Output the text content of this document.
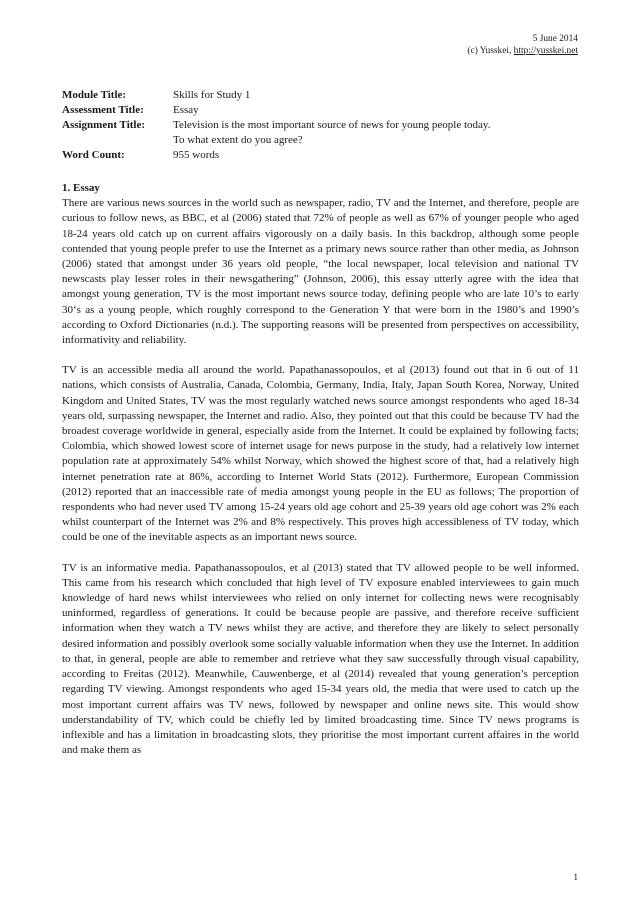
5 June 2014
(c) Yusskei, http://yusskei.net
Module Title:	Skills for Study 1
Assessment Title:	Essay
Assignment Title:	Television is the most important source of news for young people today.
To what extent do you agree?
Word Count:	955 words
1. Essay

There are various news sources in the world such as newspaper, radio, TV and the Internet, and therefore, people are curious to follow news, as BBC, et al (2006) stated that 72% of people as well as 67% of younger people who aged 18-24 years old catch up on current affairs vigorously on a daily basis. In this backdrop, although some people contended that young people prefer to use the Internet as a primary news source rather than other media, as Johnson (2006) stated that amongst under 36 years old people, “the local newspaper, local television and national TV newscasts play lesser roles in their newsgathering” (Johnson, 2006), this essay utterly agree with the idea that amongst young generation, TV is the most important news source today, defining people who are late 10’s to early 30‘s as a young people, which roughly correspond to the Generation Y that were born in the 1980’s and 1990’s according to Oxford Dictionaries (n.d.). The supporting reasons will be presented from perspectives on accessibility, informativity and reliability.

TV is an accessible media all around the world. Papathanassopoulos, et al (2013) found out that in 6 out of 11 nations, which consists of Australia, Canada, Colombia, Germany, India, Italy, Japan South Korea, Norway, United Kingdom and United States, TV was the most regularly watched news source amongst respondents who aged 18-34 years old, surpassing newspaper, the Internet and radio. Also, they pointed out that this could be because TV had the broadest coverage worldwide in general, especially aside from the Internet. It could be explained by following facts; Colombia, which showed lowest score of internet usage for news purpose in the study, had a relatively low internet population rate at approximately 54% whilst Norway, which showed the highest score of that, had a relatively high internet penetration rate at 86%, according to Internet World Stats (2012). Furthermore, European Commission (2012) reported that an inaccessible rate of media amongst young people in the EU as follows; The proportion of respondents who had never used TV among 15-24 years old age cohort and 25-39 years old age cohort was 2% each whilst counterpart of the Internet was 2% and 8% respectively. This proves high accessibleness of TV today, which could be one of the inevitable aspects as an important news source.

TV is an informative media. Papathanassopoulos, et al (2013) stated that TV allowed people to be well informed. This came from his research which concluded that high level of TV exposure enabled interviewees to gain much knowledge of hard news whilst interviewees who relied on only internet for collecting news were recognisably uninformed, regardless of generations. It could be because people are passive, and therefore receive sufficient information when they watch a TV news whilst they are active, and therefore they are likely to select personally desired information and possibly overlook some socially valuable information when they use the Internet. In addition to that, in general, people are able to remember and retrieve what they saw successfully through visual capability, according to Freitas (2012). Meanwhile, Cauwenberge, et al (2014) revealed that young generation’s perception regarding TV viewing. Amongst respondents who aged 15-34 years old, the media that were used to catch up the most important current affairs was TV news, followed by newspaper and online news site. This would show understandability of TV, which could be chiefly led by limited broadcasting time. Since TV news programs is inflexible and has a limitation in broadcasting slots, they prioritise the most important current affaires in the world and make them as

1
